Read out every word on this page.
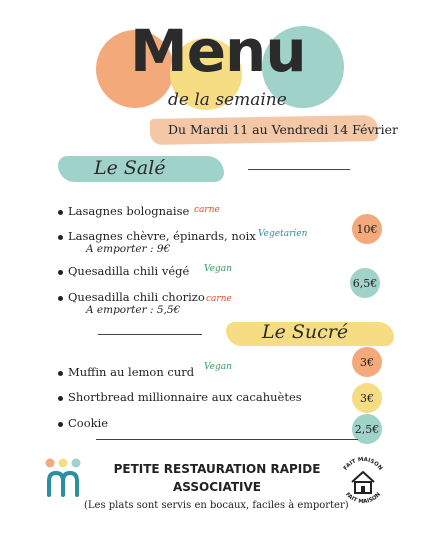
Menu
de la semaine
Du Mardi 11 au Vendredi 14 Février
Le Salé
Lasagnes bolognaise carne
Lasagnes chèvre, épinards, noix
A emporter : 9€
Vegetarien
Quesadilla chili végé Vegan
Quesadilla chili chorizo
A emporter : 5,5€
carne
10€
6,5€
Le Sucré
Muffin au lemon curd Vegan
Shortbread millionnaire aux cacahuètes
Cookie
3€
3€
2,5€
PETITE RESTAURATION RAPIDE
ASSOCIATIVE
(Les plats sont servis en bocaux, faciles à emporter)
FAIT MAISON
FAIT MAISON
